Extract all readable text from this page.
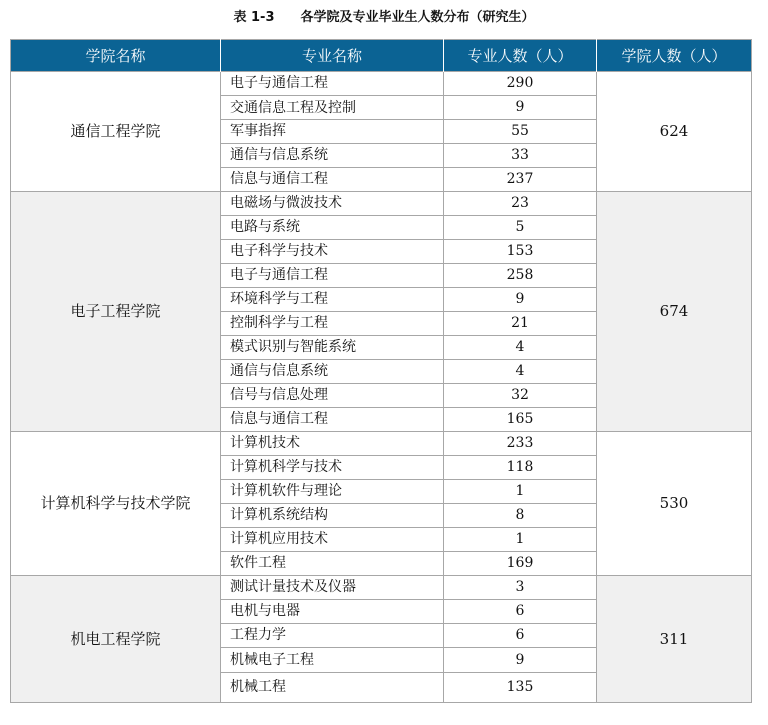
表 1-3　　各学院及专业毕业生人数分布（研究生）
学院名称	专业名称	专业人数（人）	学院人数（人）
通信工程学院	电子与通信工程	290	624
	交通信息工程及控制	9	
	军事指挥	55	
	通信与信息系统	33	
	信息与通信工程	237	
电子工程学院	电磁场与微波技术	23	674
	电路与系统	5	
	电子科学与技术	153	
	电子与通信工程	258	
	环境科学与工程	9	
	控制科学与工程	21	
	模式识别与智能系统	4	
	通信与信息系统	4	
	信号与信息处理	32	
	信息与通信工程	165	
计算机科学与技术学院	计算机技术	233	530
	计算机科学与技术	118	
	计算机软件与理论	1	
	计算机系统结构	8	
	计算机应用技术	1	
	软件工程	169	
机电工程学院	测试计量技术及仪器	3	311
	电机与电器	6	
	工程力学	6	
	机械电子工程	9	
	机械工程	135	
